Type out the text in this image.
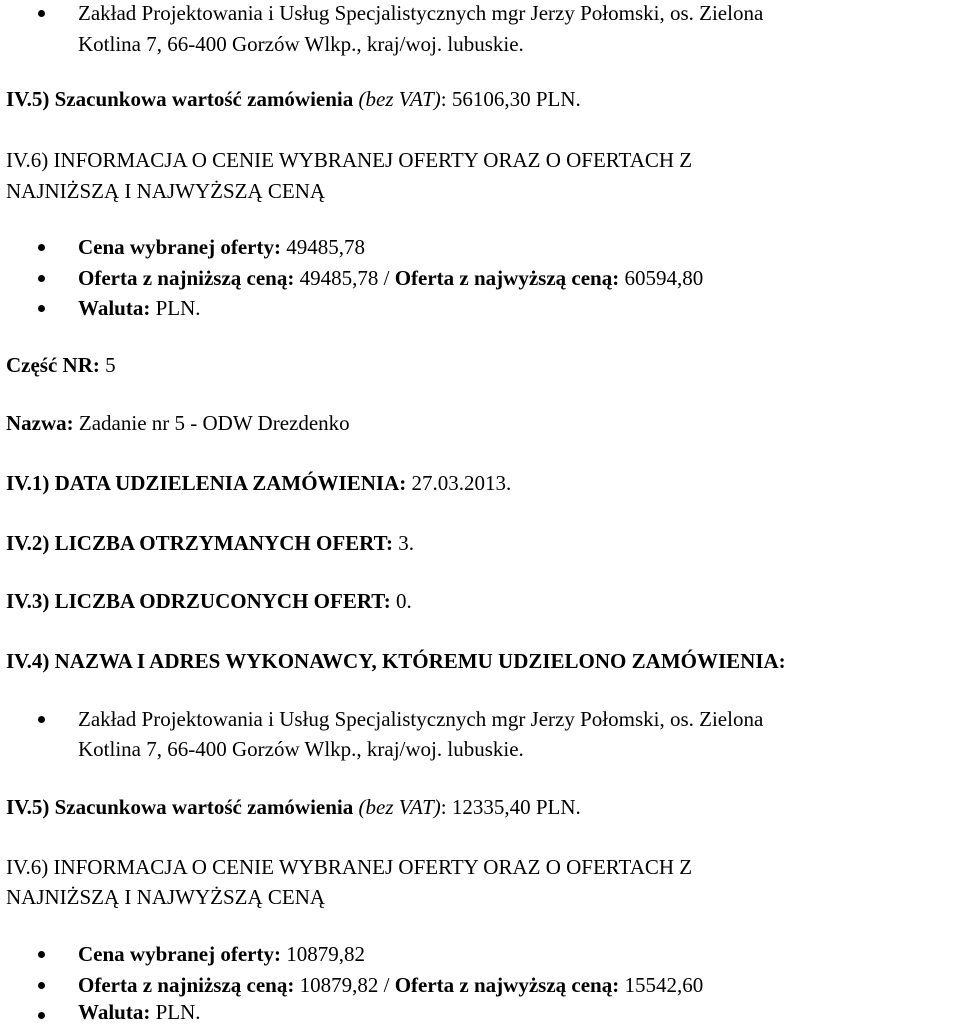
Zakład Projektowania i Usług Specjalistycznych mgr Jerzy Połomski, os. Zielona
Kotlina 7, 66-400 Gorzów Wlkp., kraj/woj. lubuskie.
IV.5) Szacunkowa wartość zamówienia (bez VAT): 56106,30 PLN.
IV.6) INFORMACJA O CENIE WYBRANEJ OFERTY ORAZ O OFERTACH Z
NAJNIŻSZĄ I NAJWYŻSZĄ CENĄ
Cena wybranej oferty: 49485,78
Oferta z najniższą ceną: 49485,78 / Oferta z najwyższą ceną: 60594,80
Waluta: PLN.
Część NR: 5
Nazwa: Zadanie nr 5 - ODW Drezdenko
IV.1) DATA UDZIELENIA ZAMÓWIENIA: 27.03.2013.
IV.2) LICZBA OTRZYMANYCH OFERT: 3.
IV.3) LICZBA ODRZUCONYCH OFERT: 0.
IV.4) NAZWA I ADRES WYKONAWCY, KTÓREMU UDZIELONO ZAMÓWIENIA:
Zakład Projektowania i Usług Specjalistycznych mgr Jerzy Połomski, os. Zielona
Kotlina 7, 66-400 Gorzów Wlkp., kraj/woj. lubuskie.
IV.5) Szacunkowa wartość zamówienia (bez VAT): 12335,40 PLN.
IV.6) INFORMACJA O CENIE WYBRANEJ OFERTY ORAZ O OFERTACH Z
NAJNIŻSZĄ I NAJWYŻSZĄ CENĄ
Cena wybranej oferty: 10879,82
Oferta z najniższą ceną: 10879,82 / Oferta z najwyższą ceną: 15542,60
Waluta: PLN.
